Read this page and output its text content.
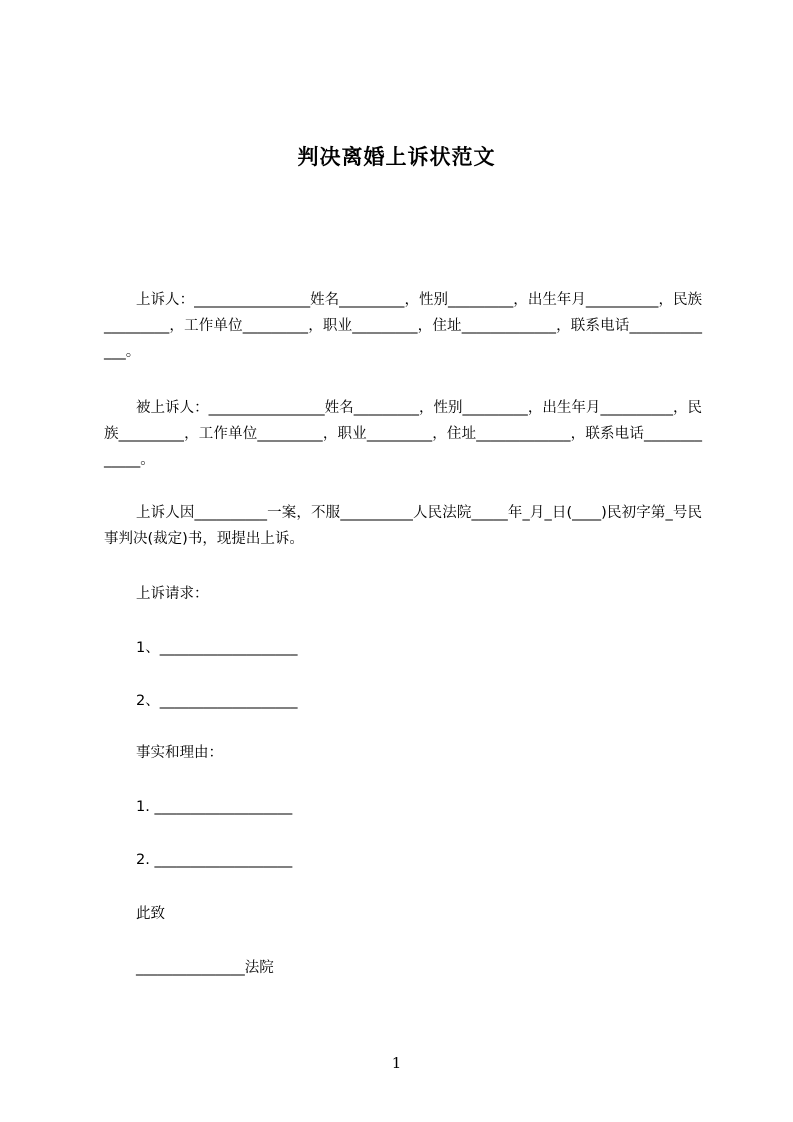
判决离婚上诉状范文
上诉人：________________姓名_________，性别_________，出生年月__________，民族_________，工作单位_________，职业_________，住址_____________，联系电话_____________。
被上诉人：________________姓名_________，性别_________，出生年月__________，民族_________，工作单位_________，职业_________，住址_____________，联系电话_____________。
上诉人因__________一案，不服__________人民法院_____年_月_日(____)民初字第_号民事判决(裁定)书，现提出上诉。
上诉请求：
1、___________________
2、___________________
事实和理由：
1. ___________________
2. ___________________
此致
_______________法院
1
